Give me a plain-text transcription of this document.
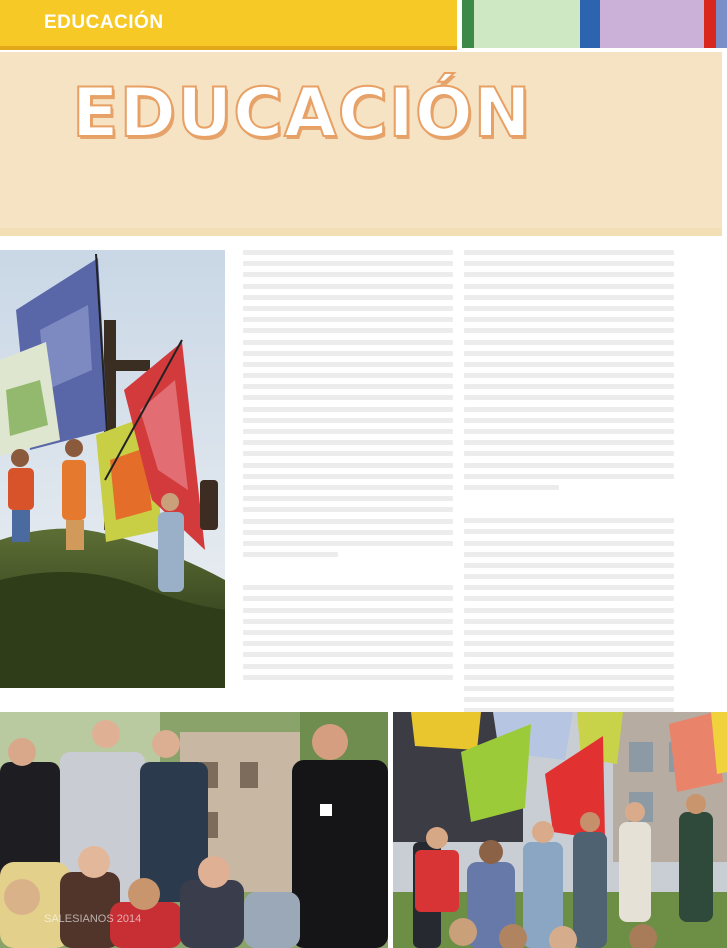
EDUCACIÓN
EDUCACIÓN
SALESIANOS 2014
